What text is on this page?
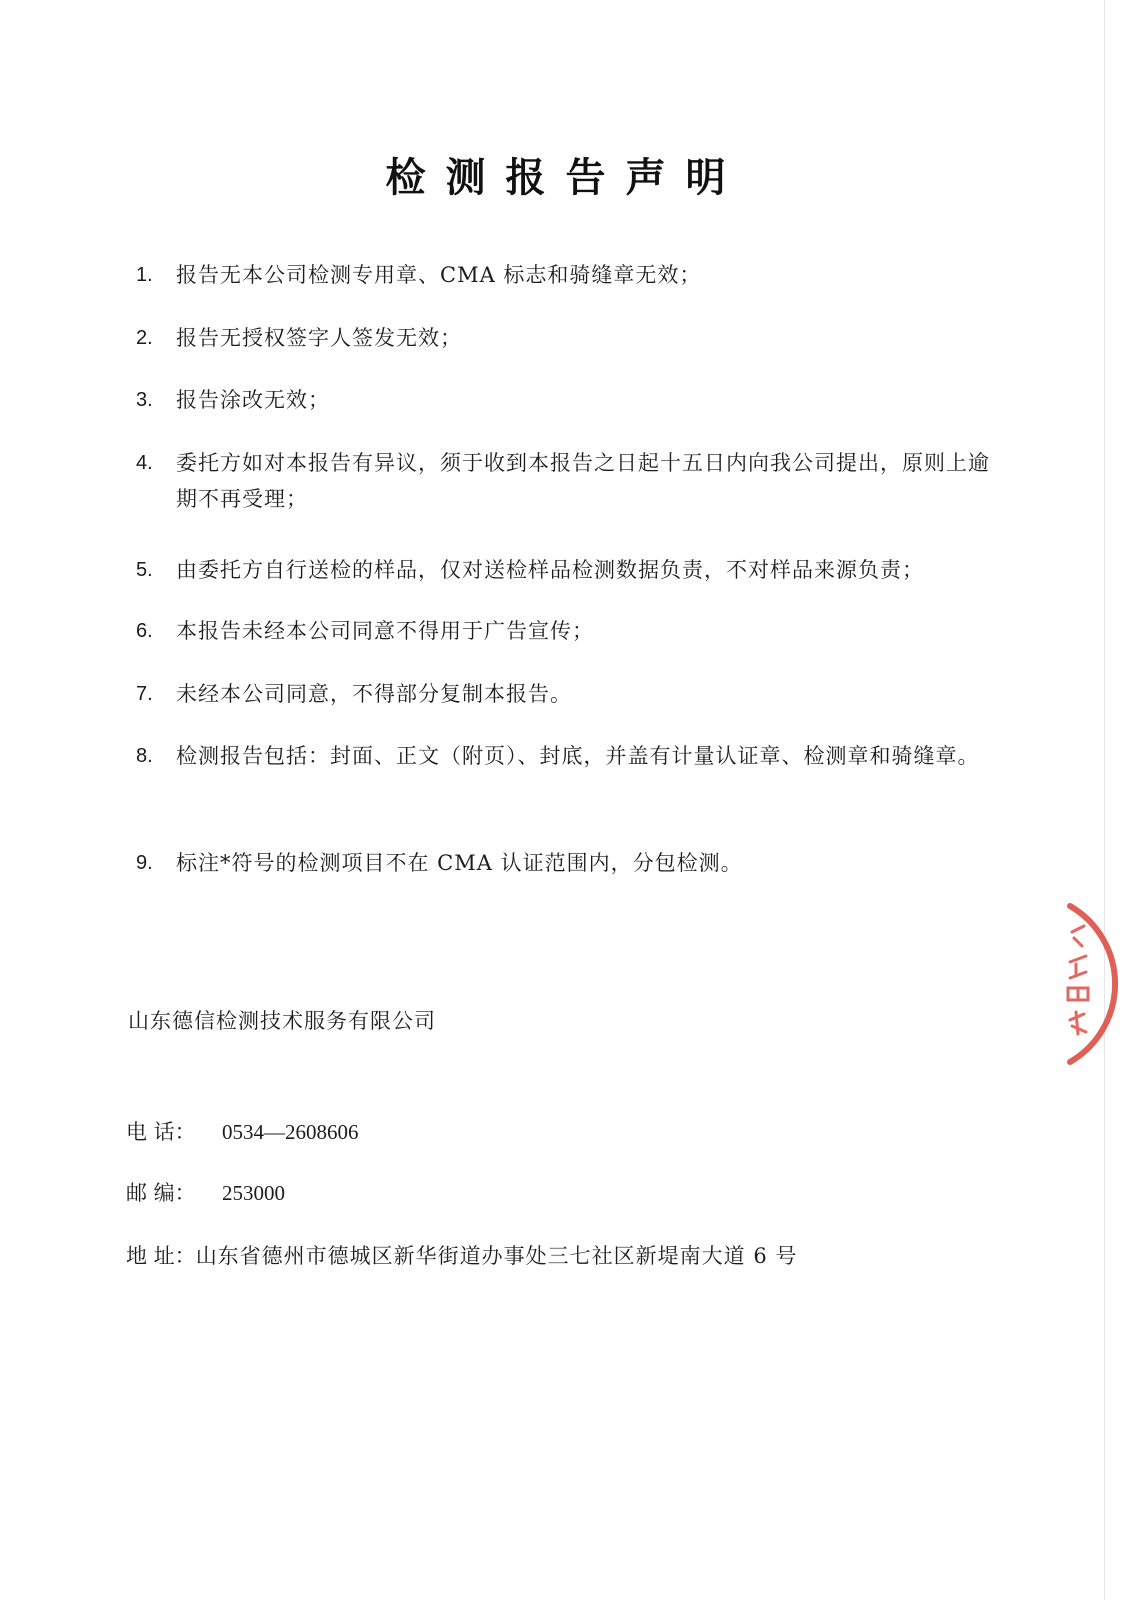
检测报告声明
1.	报告无本公司检测专用章、CMA 标志和骑缝章无效；
2.	报告无授权签字人签发无效；
3.	报告涂改无效；
4.	委托方如对本报告有异议，须于收到本报告之日起十五日内向我公司提出，原则上逾期不再受理；
5.	由委托方自行送检的样品，仅对送检样品检测数据负责，不对样品来源负责；
6.	本报告未经本公司同意不得用于广告宣传；
7.	未经本公司同意，不得部分复制本报告。
8.	检测报告包括：封面、正文（附页）、封底，并盖有计量认证章、检测章和骑缝章。
9.	标注*符号的检测项目不在 CMA 认证范围内，分包检测。
山东德信检测技术服务有限公司
电 话： 0534—2608606
邮 编： 253000
地 址：山东省德州市德城区新华街道办事处三七社区新堤南大道 6 号
